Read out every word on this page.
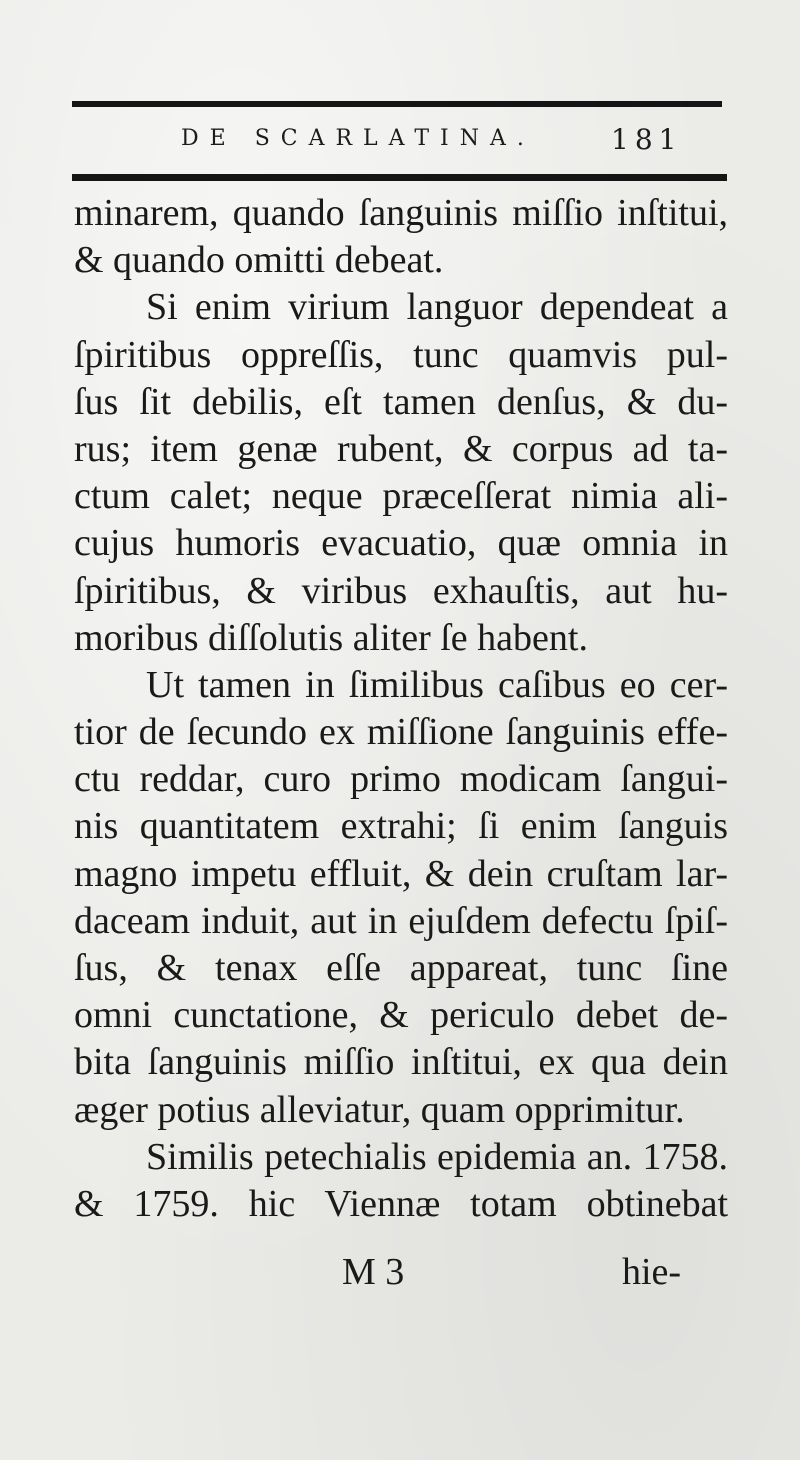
DE SCARLATINA.	181
minarem, quando ſanguinis miſſio inſtitui,
& quando omitti debeat.
Si enim virium languor dependeat a
ſpiritibus oppreſſis, tunc quamvis pul-
ſus ſit debilis, eſt tamen denſus, & du-
rus; item genæ rubent, & corpus ad ta-
ctum calet; neque præceſſerat nimia ali-
cujus humoris evacuatio, quæ omnia in
ſpiritibus, & viribus exhauſtis, aut hu-
moribus diſſolutis aliter ſe habent.
Ut tamen in ſimilibus caſibus eo cer-
tior de ſecundo ex miſſione ſanguinis effe-
ctu reddar, curo primo modicam ſangui-
nis quantitatem extrahi; ſi enim ſanguis
magno impetu effluit, & dein cruſtam lar-
daceam induit, aut in ejuſdem defectu ſpiſ-
ſus, & tenax eſſe appareat, tunc ſine
omni cunctatione, & periculo debet de-
bita ſanguinis miſſio inſtitui, ex qua dein
æger potius alleviatur, quam opprimitur.
Similis petechialis epidemia an. 1758.
& 1759. hic Viennæ totam obtinebat
M 3	hie-
